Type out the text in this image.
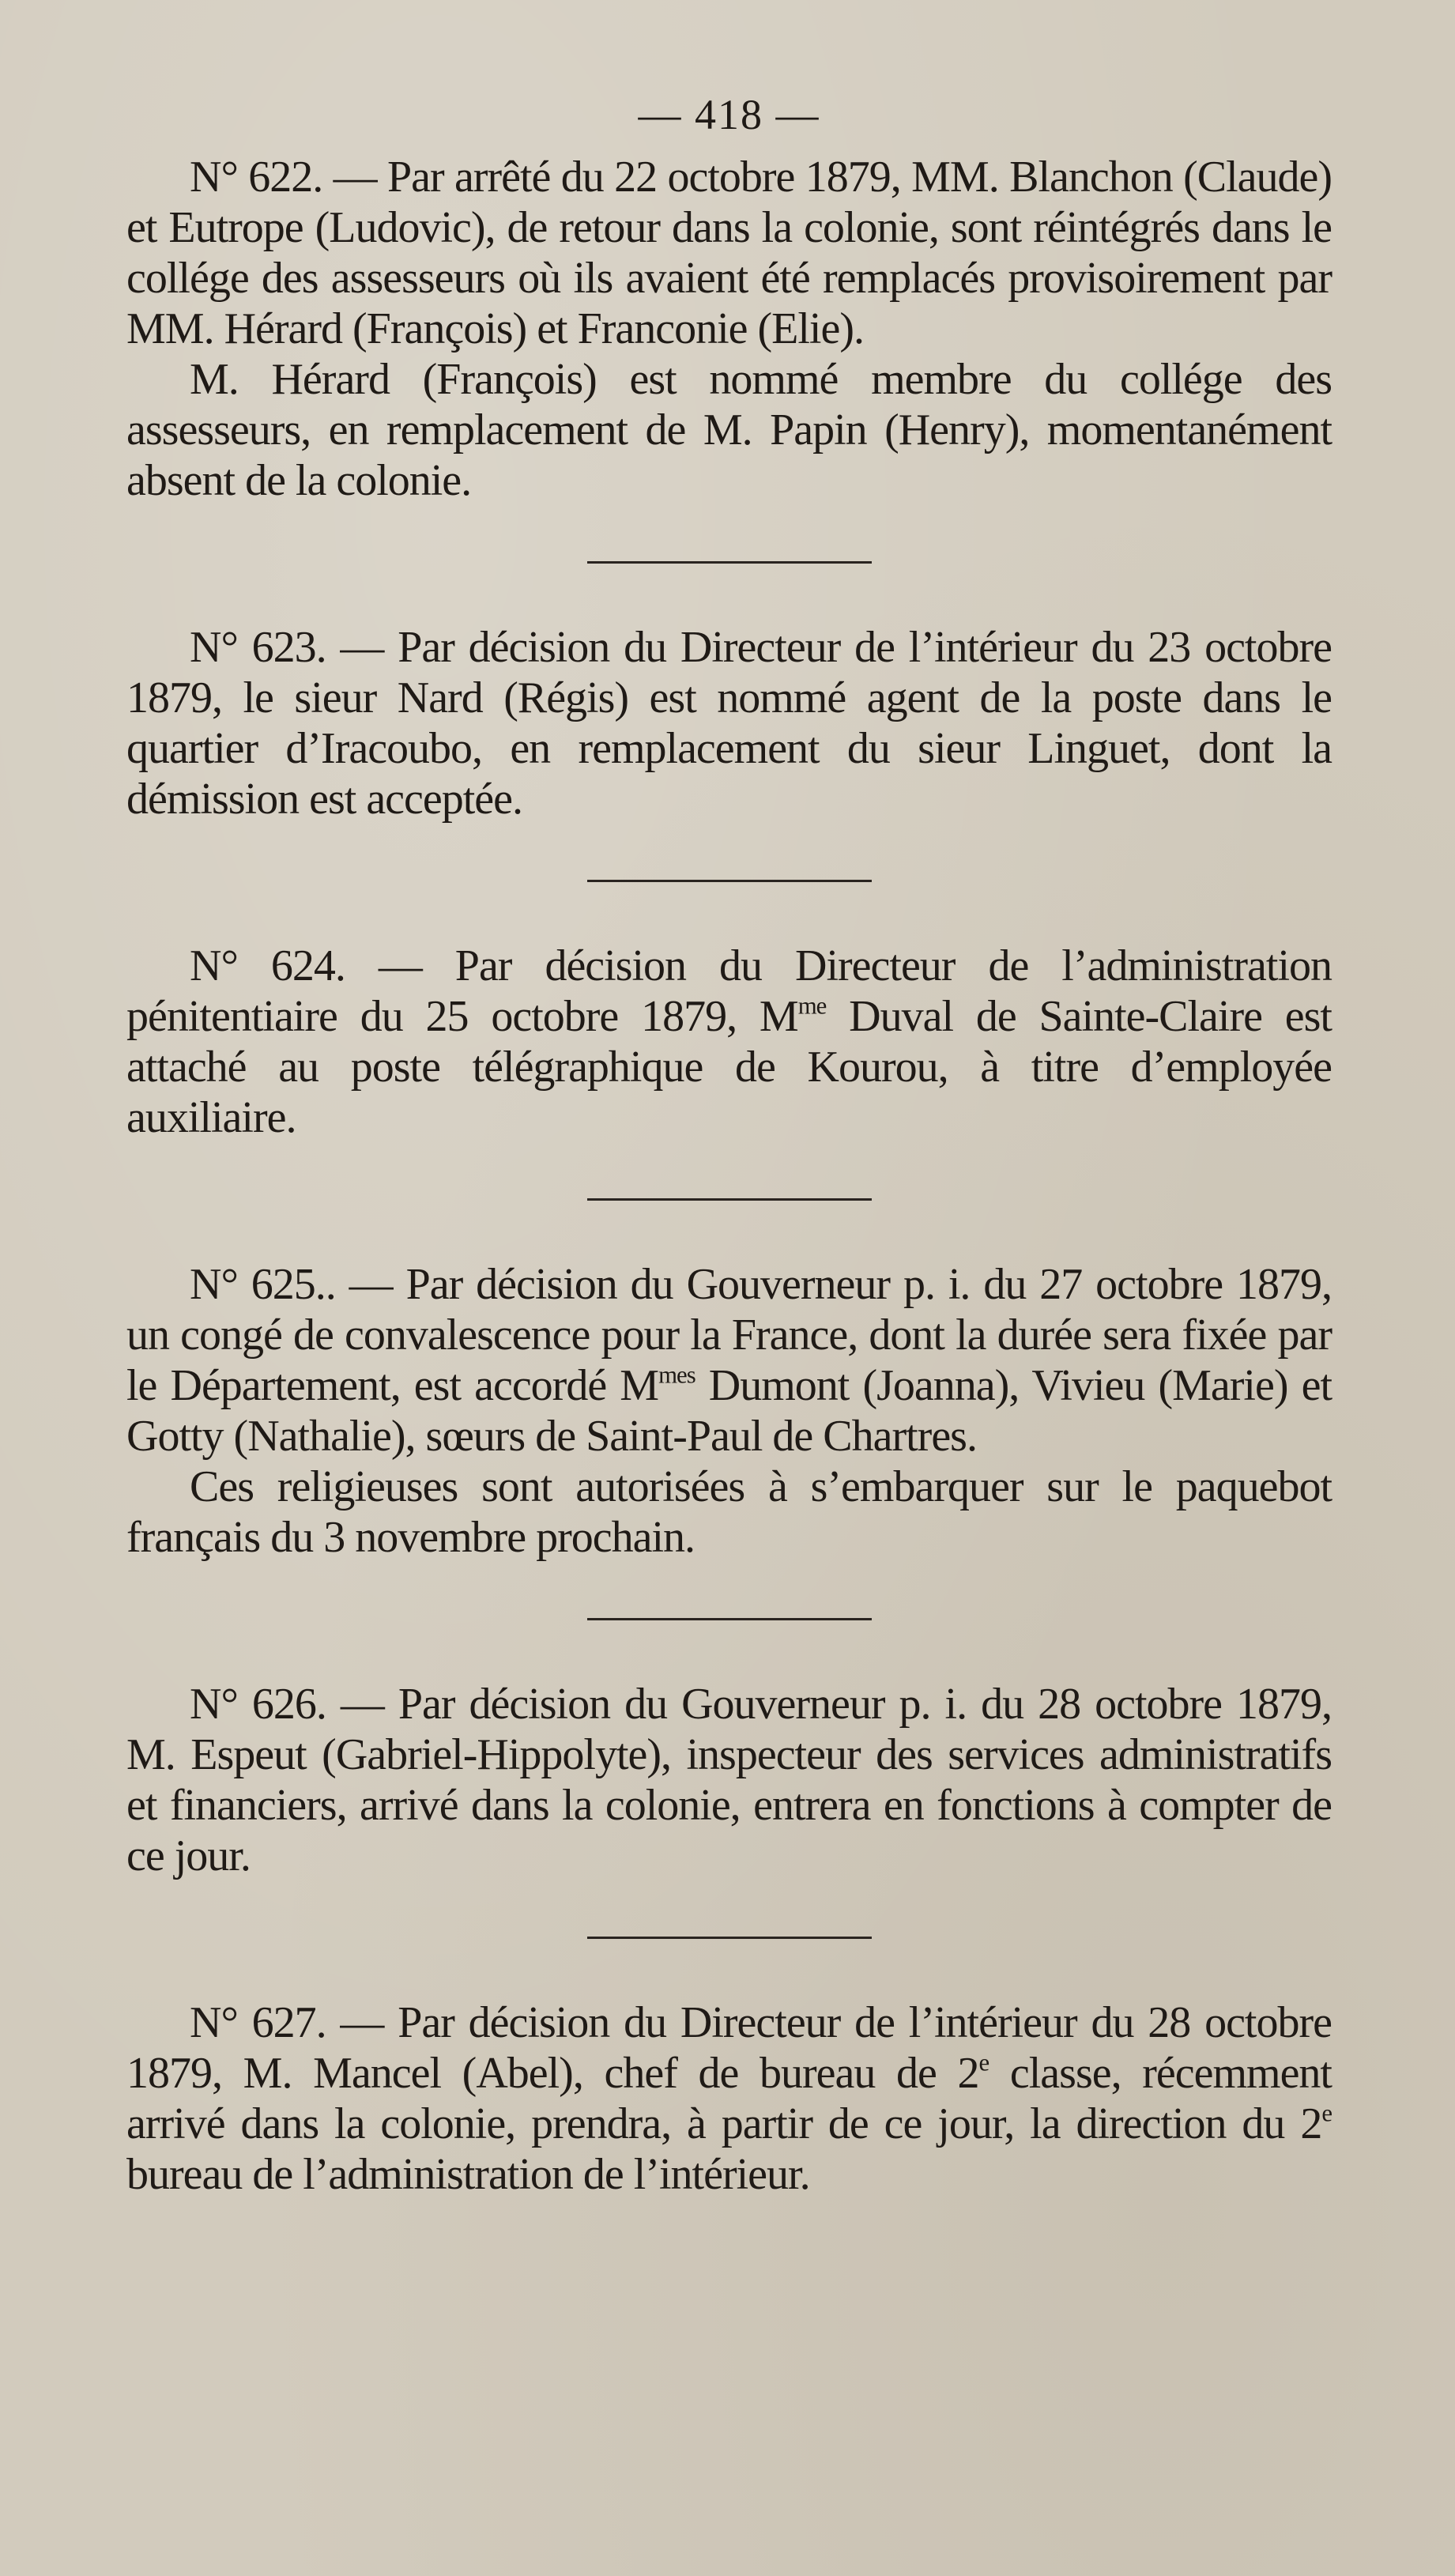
— 418 —

N° 622. — Par arrêté du 22 octobre 1879, MM. Blanchon (Claude) et Eutrope (Ludovic), de retour dans la colonie, sont réintégrés dans le collége des assesseurs où ils avaient été remplacés provisoirement par MM. Hérard (François) et Franconie (Elie).

M. Hérard (François) est nommé membre du collége des assesseurs, en remplacement de M. Papin (Henry), momentanément absent de la colonie.

N° 623. — Par décision du Directeur de l’intérieur du 23 octobre 1879, le sieur Nard (Régis) est nommé agent de la poste dans le quartier d’Iracoubo, en remplacement du sieur Linguet, dont la démission est acceptée.

N° 624. — Par décision du Directeur de l’administration pénitentiaire du 25 octobre 1879, $M^{me}$ Duval de Sainte-Claire est attaché au poste télégraphique de Kourou, à titre d’employée auxiliaire.

N° 625.. — Par décision du Gouverneur p. i. du 27 octobre 1879, un congé de convalescence pour la France, dont la durée sera fixée par le Département, est accordé $M^{mes}$ Dumont (Joanna), Vivieu (Marie) et Gotty (Nathalie), sœurs de Saint-Paul de Chartres.

Ces religieuses sont autorisées à s’embarquer sur le paquebot français du 3 novembre prochain.

N° 626. — Par décision du Gouverneur p. i. du 28 octobre 1879, M. Espeut (Gabriel-Hippolyte), inspecteur des services administratifs et financiers, arrivé dans la colonie, entrera en fonctions à compter de ce jour.

N° 627. — Par décision du Directeur de l’intérieur du 28 octobre 1879, M. Mancel (Abel), chef de bureau de 2e classe, récemment arrivé dans la colonie, prendra, à partir de ce jour, la direction du 2e bureau de l’administration de l’intérieur.
